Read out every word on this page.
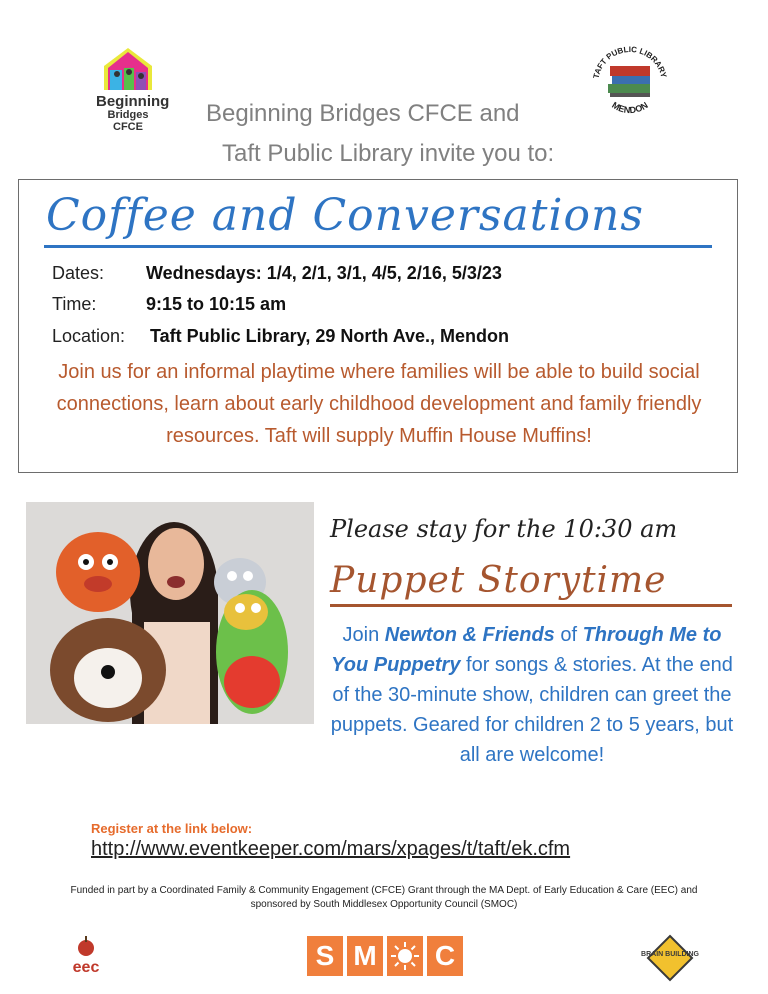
Beginning
Bridges CFCE
TAFT PUBLIC LIBRARY
MENDON
Beginning Bridges CFCE and
Taft Public Library invite you to:
Coffee and Conversations
Dates: Wednesdays: 1/4, 2/1, 3/1, 4/5, 2/16, 5/3/23
Time:	9:15 to 10:15 am
Location: Taft Public Library, 29 North Ave., Mendon
Join us for an informal playtime where families will be able to build social connections, learn about early childhood development and family friendly resources. Taft will supply Muffin House Muffins!
Please stay for the 10:30 am
Puppet Storytime
Join Newton & Friends of Through Me to You Puppetry for songs & stories. At the end of the 30-minute show, children can greet the puppets. Geared for children 2 to 5 years, but all are welcome!
Register at the link below:
http://www.eventkeeper.com/mars/xpages/t/taft/ek.cfm
Funded in part by a Coordinated Family & Community Engagement (CFCE) Grant through the MA Dept. of Early Education & Care (EEC) and sponsored by South Middlesex Opportunity Council (SMOC)
eec	S M C	BRAIN BUILDING
